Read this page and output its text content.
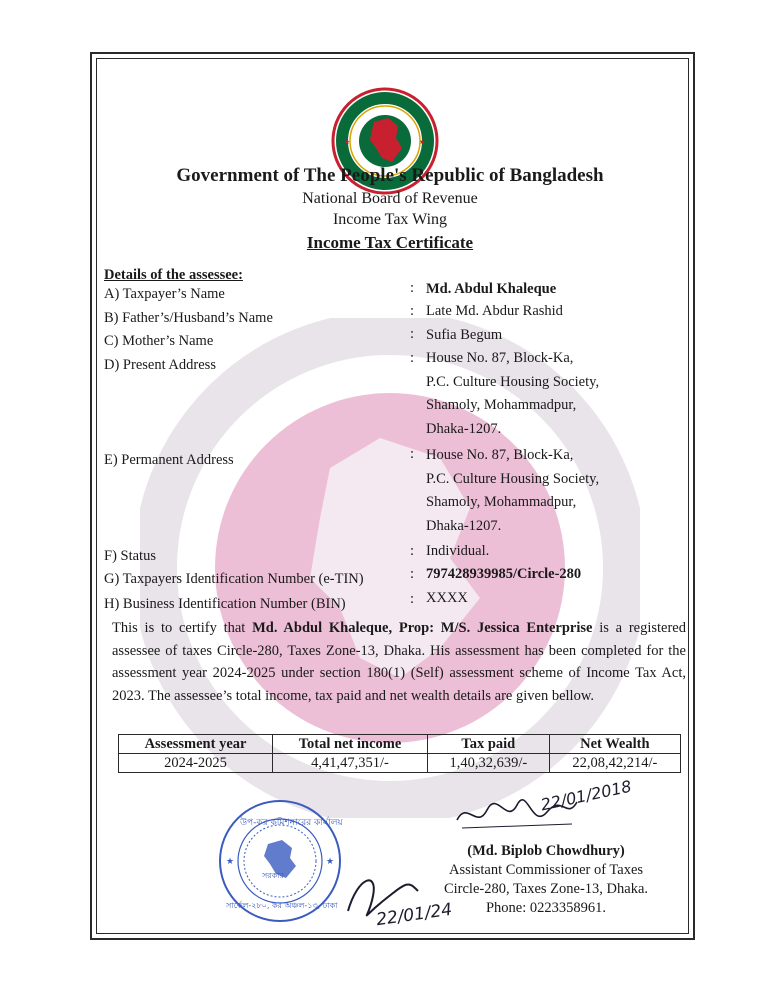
★	★
Government of The People's Republic of Bangladesh
National Board of Revenue
Income Tax Wing
Income Tax Certificate
Details of the assessee:
A) Taxpayer’s Name	: Md. Abdul Khaleque
B) Father’s/Husband’s Name	: Late Md. Abdur Rashid
C) Mother’s Name	: Sufia Begum
D) Present Address	: House No. 87, Block-Ka,
P.C. Culture Housing Society,
Shamoly, Mohammadpur,
Dhaka-1207.
E) Permanent Address	: House No. 87, Block-Ka,
P.C. Culture Housing Society,
Shamoly, Mohammadpur,
Dhaka-1207.
F) Status	: Individual.
G) Taxpayers Identification Number (e-TIN)	: 797428939985/Circle-280
H) Business Identification Number (BIN)	: XXXX
This is to certify that Md. Abdul Khaleque, Prop: M/S. Jessica Enterprise is a registered assessee of taxes Circle-280, Taxes Zone-13, Dhaka. His assessment has been completed for the assessment year 2024-2025 under section 180(1) (Self) assessment scheme of Income Tax Act, 2023. The assessee’s total income, tax paid and net wealth details are given bellow.
Assessment year	Total net income	Tax paid	Net Wealth
2024-2025	4,41,47,351/-	1,40,32,639/-	22,08,42,214/-
★	★
উপ-কর কমিশনারের কার্যালয়
সরকার
সার্কেল-২৮০, কর অঞ্চল-১৩, ঢাকা
22/01/2018
(Md. Biplob Chowdhury)
Assistant Commissioner of Taxes
Circle-280, Taxes Zone-13, Dhaka.
Phone: 0223358961.
22/01/24
